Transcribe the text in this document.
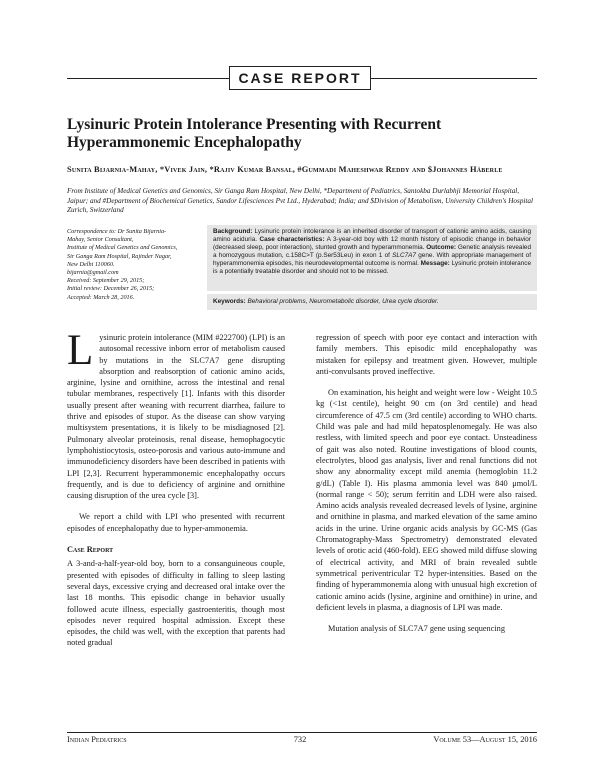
CASE REPORT
Lysinuric Protein Intolerance Presenting with Recurrent Hyperammonemic Encephalopathy
Sunita Bijarnia-Mahay, *Vivek Jain, *Rajiv Kumar Bansal, #Gummadi Maheshwar Reddy and $Johannes Häberle
From Institute of Medical Genetics and Genomics, Sir Ganga Ram Hospital, New Delhi, *Department of Pediatrics, Santokba Durlabhji Memorial Hospital, Jaipur; and #Department of Biochemical Genetics, Sandor Lifesciences Pvt Ltd., Hyderabad; India; and $Division of Metabolism, University Children's Hospital Zurich, Switzerland
Correspondence to: Dr Sunita Bijarnia-
Mahay, Senior Consultant,
Institute of Medical Genetics and Genomics,
Sir Ganga Ram Hospital, Rajinder Nagar,
New Delhi 110060.
bijarnia@gmail.com
Received: September 29, 2015;
Initial review: December 26, 2015;
Accepted: March 28, 2016.
Background: Lysinuric protein intolerance is an inherited disorder of transport of cationic amino acids, causing amino aciduria. Case characteristics: A 3-year-old boy with 12 month history of episodic change in behavior (decreased sleep, poor interaction), stunted growth and hyperammonemia. Outcome: Genetic analysis revealed a homozygous mutation, c.158C>T (p.Ser53Leu) in exon 1 of SLC7A7 gene. With appropriate management of hyperammonemia episodes, his neurodevelopmental outcome is normal. Message: Lysinuric protein intolerance is a potentially treatable disorder and should not to be missed.
Keywords: Behavioral problems, Neurometabolic disorder, Urea cycle disorder.

Lysinuric protein intolerance (MIM #222700) (LPI) is an autosomal recessive inborn error of metabolism caused by mutations in the SLC7A7 gene disrupting absorption and reabsorption of cationic amino acids, arginine, lysine and ornithine, across the intestinal and renal tubular membranes, respectively [1]. Infants with this disorder usually present after weaning with recurrent diarrhea, failure to thrive and episodes of stupor. As the disease can show varying multisystem presentations, it is likely to be misdiagnosed [2]. Pulmonary alveolar proteinosis, renal disease, hemophagocytic lymphohistiocytosis, osteo-porosis and various auto-immune and immunodeficiency disorders have been described in patients with LPI [2,3]. Recurrent hyperammonemic encephalopathy occurs frequently, and is due to deficiency of arginine and ornithine causing disruption of the urea cycle [3].

We report a child with LPI who presented with recurrent episodes of encephalopathy due to hyper-ammonemia.

Case Report

A 3-and-a-half-year-old boy, born to a consanguineous couple, presented with episodes of difficulty in falling to sleep lasting several days, excessive crying and decreased oral intake over the last 18 months. This episodic change in behavior usually followed acute illness, especially gastroenteritis, though most episodes never required hospital admission. Except these episodes, the child was well, with the exception that parents had noted gradual

regression of speech with poor eye contact and interaction with family members. This episodic mild encephalopathy was mistaken for epilepsy and treatment given. However, multiple anti-convulsants proved ineffective.

On examination, his height and weight were low - Weight 10.5 kg (<1st centile), height 90 cm (on 3rd centile) and head circumference of 47.5 cm (3rd centile) according to WHO charts. Child was pale and had mild hepatosplenomegaly. He was also restless, with limited speech and poor eye contact. Unsteadiness of gait was also noted. Routine investigations of blood counts, electrolytes, blood gas analysis, liver and renal functions did not show any abnormality except mild anemia (hemoglobin 11.2 g/dL) (Table I). His plasma ammonia level was 840 μmol/L (normal range < 50); serum ferritin and LDH were also raised. Amino acids analysis revealed decreased levels of lysine, arginine and ornithine in plasma, and marked elevation of the same amino acids in the urine. Urine organic acids analysis by GC-MS (Gas Chromatography-Mass Spectrometry) demonstrated elevated levels of orotic acid (460-fold). EEG showed mild diffuse slowing of electrical activity, and MRI of brain revealed subtle symmetrical periventricular T2 hyper-intensities. Based on the finding of hyperammonemia along with unusual high excretion of cationic amino acids (lysine, arginine and ornithine) in urine, and deficient levels in plasma, a diagnosis of LPI was made.

Mutation analysis of SLC7A7 gene using sequencing

Indian Pediatrics	732	Volume 53—August 15, 2016
